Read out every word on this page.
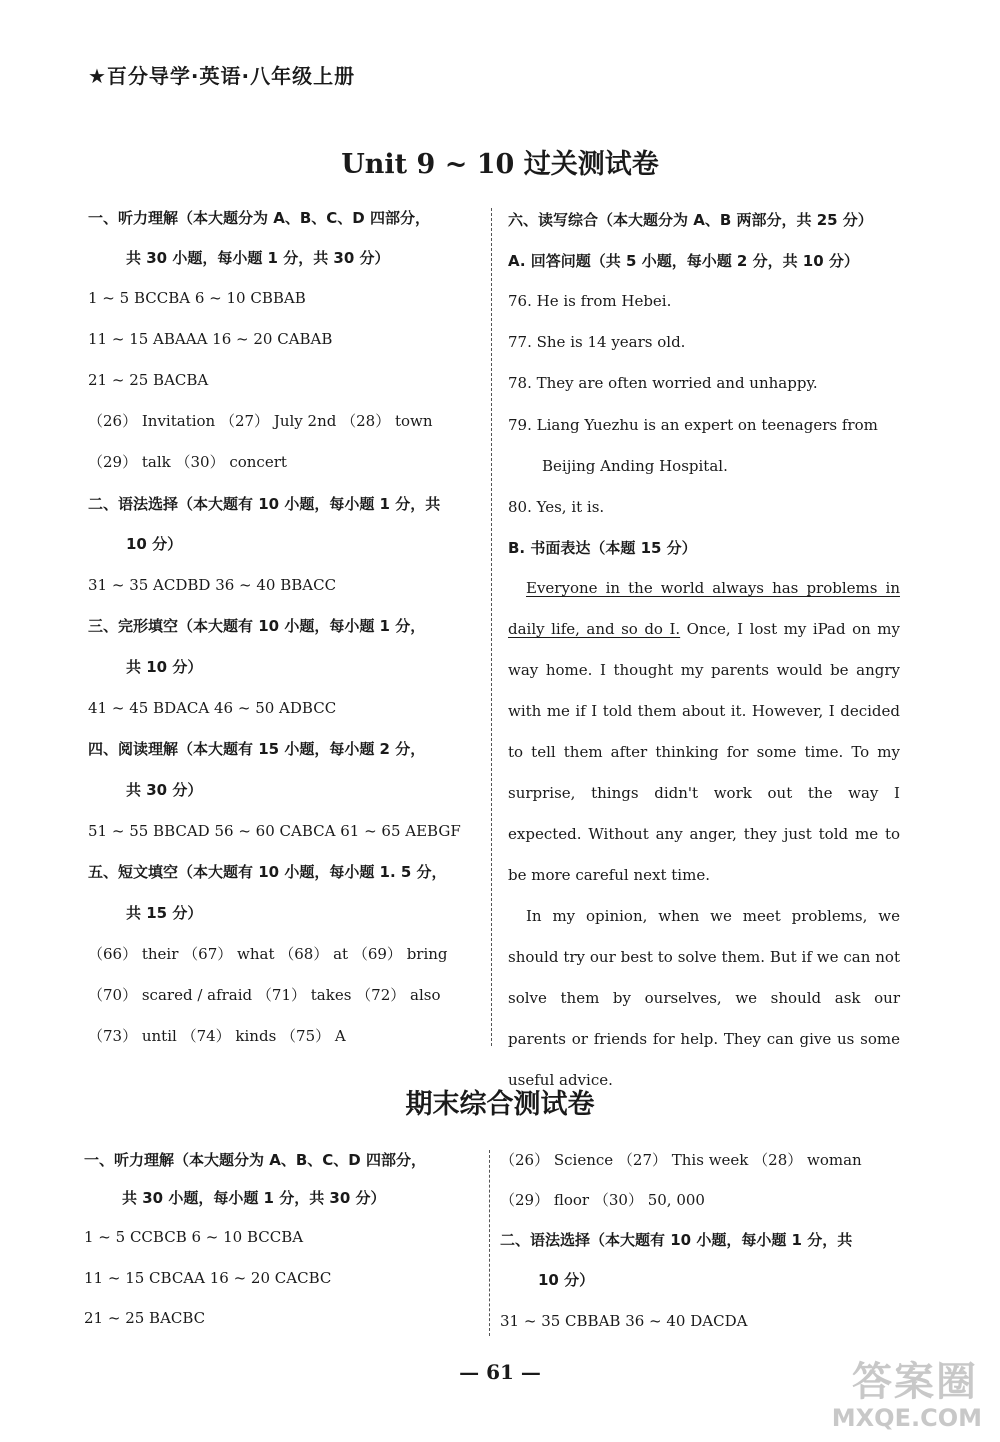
★百分导学·英语·八年级上册
Unit 9 ~ 10 过关测试卷
一、听力理解（本大题分为 A、B、C、D 四部分，
共 30 小题，每小题 1 分，共 30 分）
1 ~ 5 BCCBA 6 ~ 10 CBBAB
11 ~ 15 ABAAA 16 ~ 20 CABAB
21 ~ 25 BACBA
（26） Invitation （27） July 2nd （28） town
（29） talk （30） concert
二、语法选择（本大题有 10 小题，每小题 1 分，共
10 分）
31 ~ 35 ACDBD 36 ~ 40 BBACC
三、完形填空（本大题有 10 小题，每小题 1 分，
共 10 分）
41 ~ 45 BDACA 46 ~ 50 ADBCC
四、阅读理解（本大题有 15 小题，每小题 2 分，
共 30 分）
51 ~ 55 BBCAD 56 ~ 60 CABCA 61 ~ 65 AEBGF
五、短文填空（本大题有 10 小题，每小题 1. 5 分，
共 15 分）
（66） their （67） what （68） at （69） bring
（70） scared / afraid （71） takes （72） also
（73） until （74） kinds （75） A
六、读写综合（本大题分为 A、B 两部分，共 25 分）
A. 回答问题（共 5 小题，每小题 2 分，共 10 分）
76. He is from Hebei.
77. She is 14 years old.
78. They are often worried and unhappy.
79. Liang Yuezhu is an expert on teenagers from
Beijing Anding Hospital.
80. Yes, it is.
B. 书面表达（本题 15 分）

Everyone in the world always has problems in daily life, and so do I. Once, I lost my iPad on my way home. I thought my parents would be angry with me if I told them about it. However, I decided to tell them after thinking for some time. To my surprise, things didn't work out the way I expected. Without any anger, they just told me to be more careful next time.

In my opinion, when we meet problems, we should try our best to solve them. But if we can not solve them by ourselves, we should ask our parents or friends for help. They can give us some useful advice.

期末综合测试卷
一、听力理解（本大题分为 A、B、C、D 四部分，
共 30 小题，每小题 1 分，共 30 分）
1 ~ 5 CCBCB 6 ~ 10 BCCBA
11 ~ 15 CBCAA 16 ~ 20 CACBC
21 ~ 25 BACBC
（26） Science （27） This week （28） woman
（29） floor （30） 50, 000
二、语法选择（本大题有 10 小题，每小题 1 分，共
10 分）
31 ~ 35 CBBAB 36 ~ 40 DACDA
— 61 —	答案圈
MXQE.COM
